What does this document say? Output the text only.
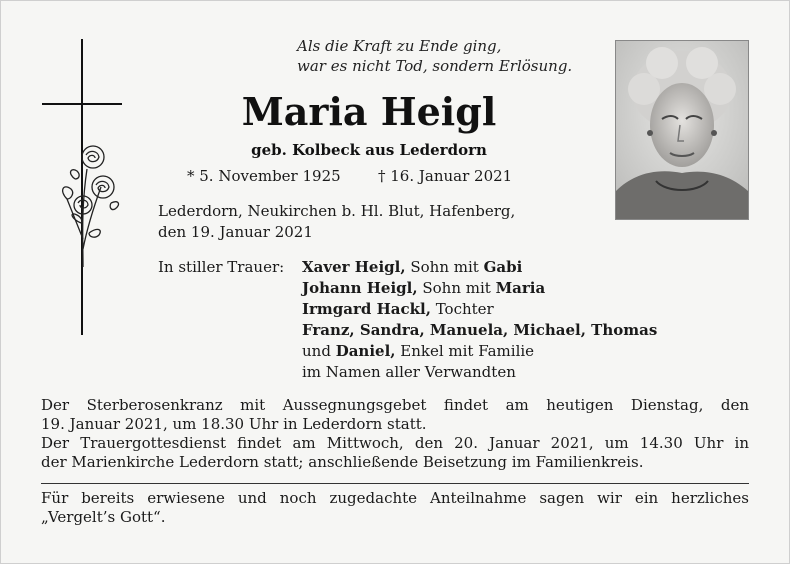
Als die Kraft zu Ende ging,
war es nicht Tod, sondern Erlösung.
Maria Heigl
geb. Kolbeck aus Lederdorn
* 5. November 1925 † 16. Januar 2021
Lederdorn, Neukirchen b. Hl. Blut, Hafenberg,
den 19. Januar 2021
In stiller Trauer: Xaver Heigl, Sohn mit Gabi
Johann Heigl, Sohn mit Maria
Irmgard Hackl, Tochter
Franz, Sandra, Manuela, Michael, Thomas
und Daniel, Enkel mit Familie
im Namen aller Verwandten

Der Sterberosenkranz mit Aussegnungsgebet findet am heutigen Dienstag, den
19. Januar 2021, um 18.30 Uhr in Lederdorn statt.

Der Trauergottesdienst findet am Mittwoch, den 20. Januar 2021, um 14.30 Uhr in
der Marienkirche Lederdorn statt; anschließende Beisetzung im Familienkreis.

Für bereits erwiesene und noch zugedachte Anteilnahme sagen wir ein herzliches
„Vergelt’s Gott“.
